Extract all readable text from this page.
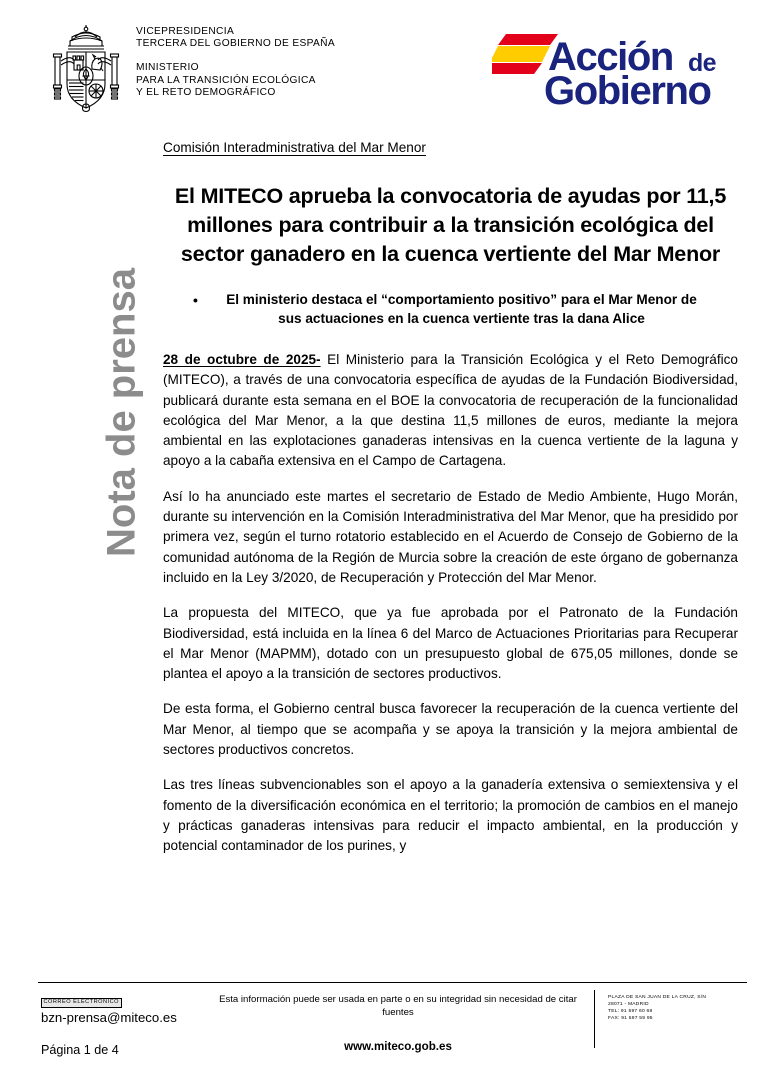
VICEPRESIDENCIA
TERCERA DEL GOBIERNO DE ESPAÑA
MINISTERIO
PARA LA TRANSICIÓN ECOLÓGICA
Y EL RETO DEMOGRÁFICO
Acción de
Gobierno
Nota de prensa
Comisión Interadministrativa del Mar Menor
El MITECO aprueba la convocatoria de ayudas por 11,5 millones para contribuir a la transición ecológica del sector ganadero en la cuenca vertiente del Mar Menor
• El ministerio destaca el “comportamiento positivo” para el Mar Menor de sus actuaciones en la cuenca vertiente tras la dana Alice

28 de octubre de 2025- El Ministerio para la Transición Ecológica y el Reto Demográfico (MITECO), a través de una convocatoria específica de ayudas de la Fundación Biodiversidad, publicará durante esta semana en el BOE la convocatoria de recuperación de la funcionalidad ecológica del Mar Menor, a la que destina 11,5 millones de euros, mediante la mejora ambiental en las explotaciones ganaderas intensivas en la cuenca vertiente de la laguna y apoyo a la cabaña extensiva en el Campo de Cartagena.

Así lo ha anunciado este martes el secretario de Estado de Medio Ambiente, Hugo Morán, durante su intervención en la Comisión Interadministrativa del Mar Menor, que ha presidido por primera vez, según el turno rotatorio establecido en el Acuerdo de Consejo de Gobierno de la comunidad autónoma de la Región de Murcia sobre la creación de este órgano de gobernanza incluido en la Ley 3/2020, de Recuperación y Protección del Mar Menor.

La propuesta del MITECO, que ya fue aprobada por el Patronato de la Fundación Biodiversidad, está incluida en la línea 6 del Marco de Actuaciones Prioritarias para Recuperar el Mar Menor (MAPMM), dotado con un presupuesto global de 675,05 millones, donde se plantea el apoyo a la transición de sectores productivos.

De esta forma, el Gobierno central busca favorecer la recuperación de la cuenca vertiente del Mar Menor, al tiempo que se acompaña y se apoya la transición y la mejora ambiental de sectores productivos concretos.

Las tres líneas subvencionables son el apoyo a la ganadería extensiva o semiextensiva y el fomento de la diversificación económica en el territorio; la promoción de cambios en el manejo y prácticas ganaderas intensivas para reducir el impacto ambiental, en la producción y potencial contaminador de los purines, y

CORREO ELECTRÓNICO
bzn-prensa@miteco.es
Página 1 de 4
Esta información puede ser usada en parte o en su integridad sin necesidad de citar fuentes
www.miteco.gob.es
PLAZA DE SAN JUAN DE LA CRUZ, S/N
28071 - MADRID
TEL: 91 597 60 68
FAX: 91 597 59 95
